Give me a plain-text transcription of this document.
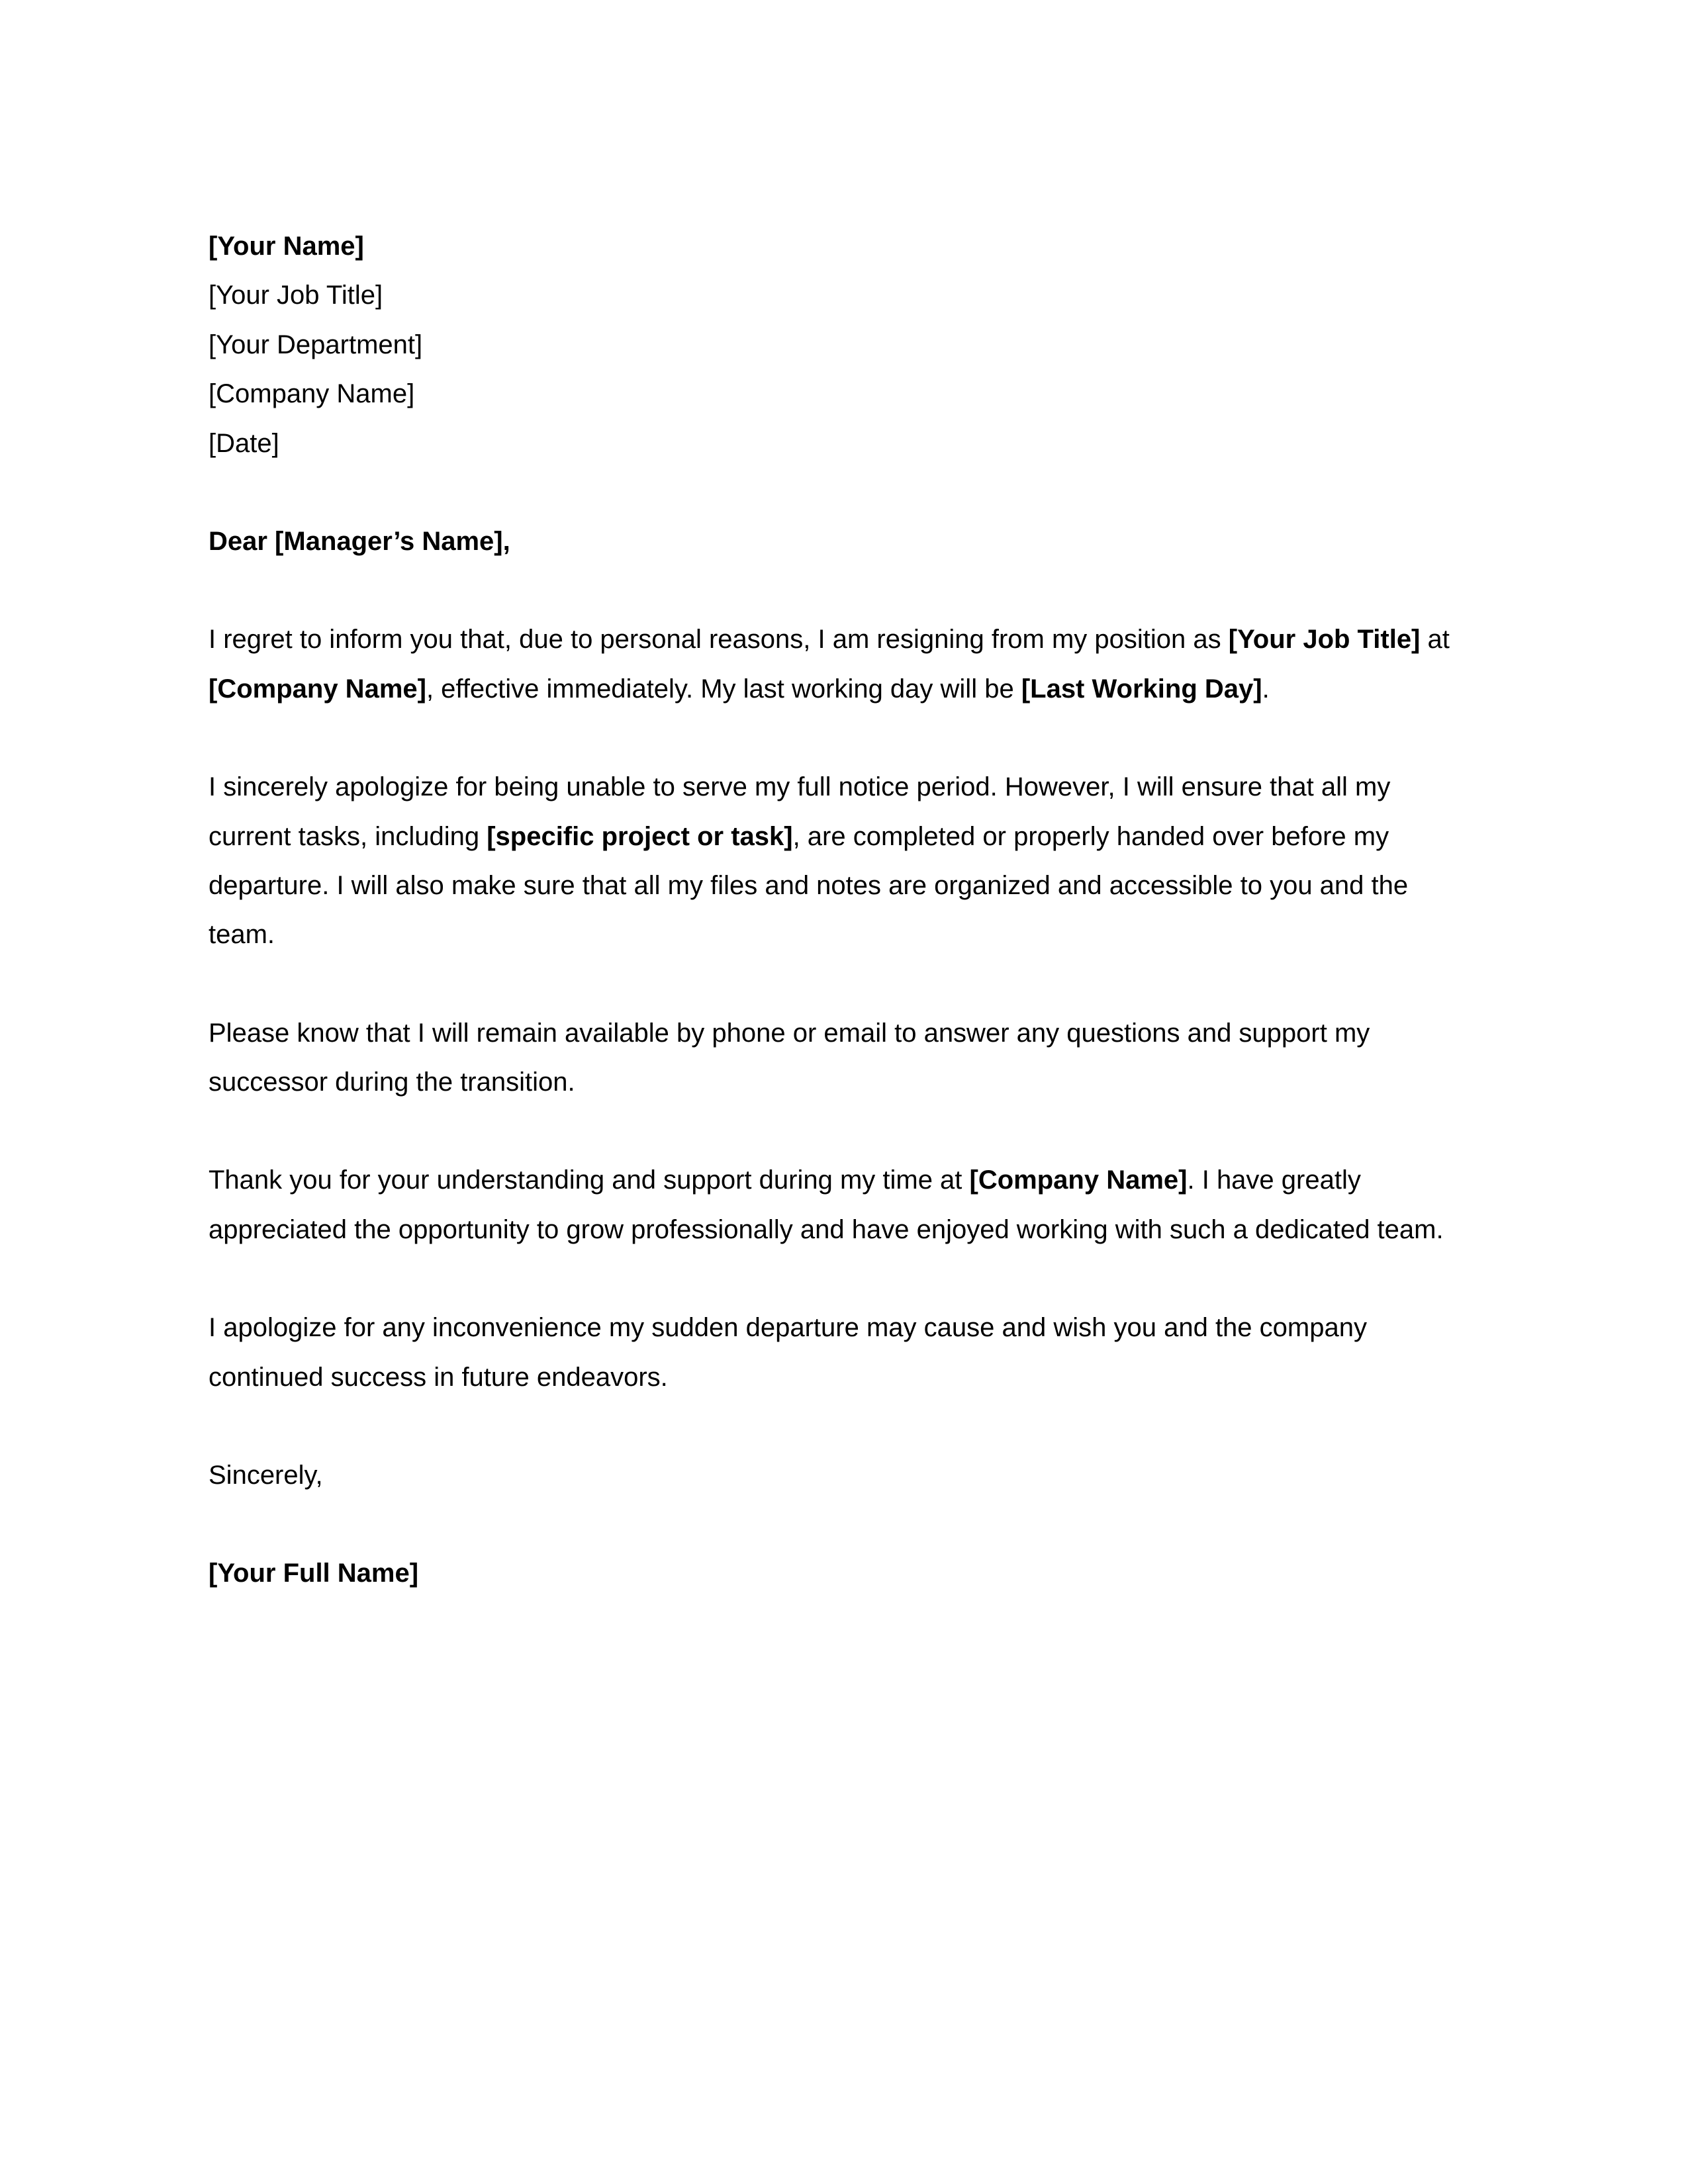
[Your Name]
[Your Job Title]
[Your Department]
[Company Name]
[Date]
Dear [Manager’s Name],
I regret to inform you that, due to personal reasons, I am resigning from my position as [Your Job Title] at [Company Name], effective immediately. My last working day will be [Last Working Day].
I sincerely apologize for being unable to serve my full notice period. However, I will ensure that all my current tasks, including [specific project or task], are completed or properly handed over before my departure. I will also make sure that all my files and notes are organized and accessible to you and the team.
Please know that I will remain available by phone or email to answer any questions and support my successor during the transition.
Thank you for your understanding and support during my time at [Company Name]. I have greatly appreciated the opportunity to grow professionally and have enjoyed working with such a dedicated team.
I apologize for any inconvenience my sudden departure may cause and wish you and the company continued success in future endeavors.
Sincerely,
[Your Full Name]
